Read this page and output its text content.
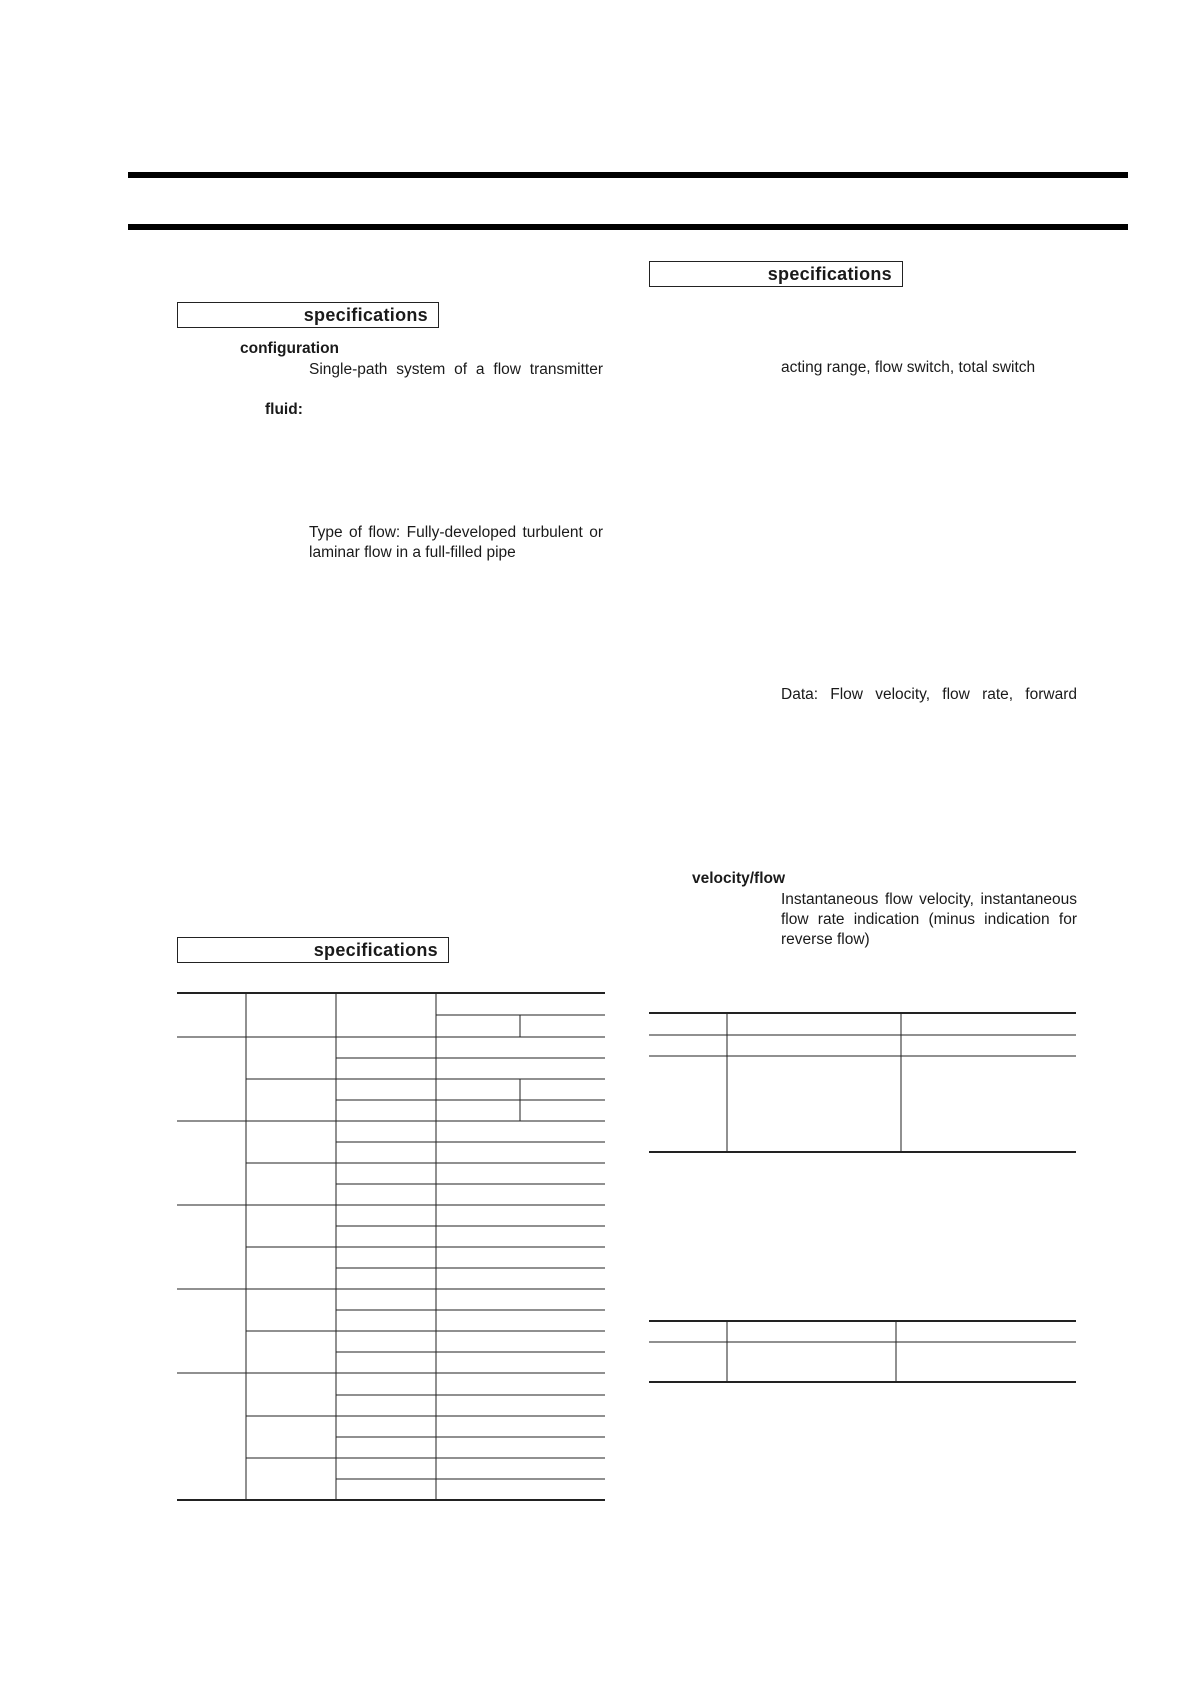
specifications
configuration
Single-path system of a flow transmitter
fluid:
Type of flow: Fully-developed turbulent or
laminar flow in a full-filled pipe
specifications
specifications
acting range, flow switch, total switch
Data: Flow velocity, flow rate, forward
velocity/flow
Instantaneous flow velocity, instantaneous
flow rate indication (minus indication for
reverse flow)
